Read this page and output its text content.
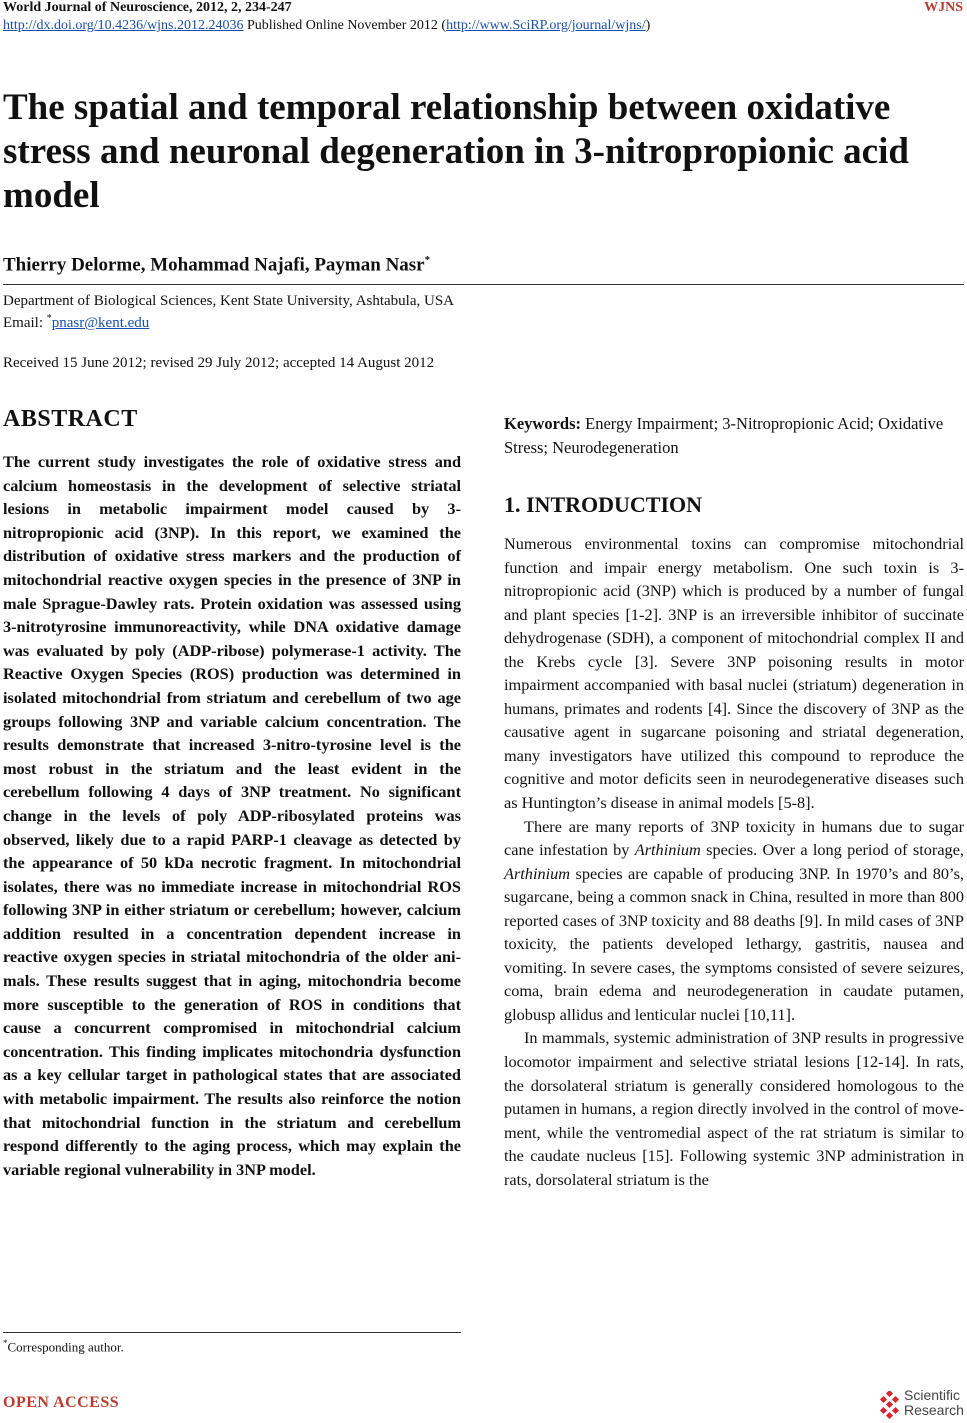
World Journal of Neuroscience, 2012, 2, 234-247	WJNS
http://dx.doi.org/10.4236/wjns.2012.24036 Published Online November 2012 (http://www.SciRP.org/journal/wjns/)
The spatial and temporal relationship between oxidative stress and neuronal degeneration in 3-nitropropionic acid model
Thierry Delorme, Mohammad Najafi, Payman Nasr*
Department of Biological Sciences, Kent State University, Ashtabula, USA
Email: *pnasr@kent.edu
Received 15 June 2012; revised 29 July 2012; accepted 14 August 2012
ABSTRACT
The current study investigates the role of oxidative stress and calcium homeostasis in the development of selective striatal lesions in metabolic impairment model caused by 3-nitropropionic acid (3NP). In this report, we examined the distribution of oxidative stress markers and the production of mitochondrial reactive oxygen species in the presence of 3NP in male Sprague-Dawley rats. Protein oxidation was assessed using 3-nitrotyrosine immunoreactivity, while DNA oxidative damage was evaluated by poly (ADP-ribose) polymerase-1 activity. The Reactive Oxygen Species (ROS) production was determined in isolated mitochondrial from striatum and cerebellum of two age groups following 3NP and variable calcium concentration. The results demonstrate that increased 3-nitro-tyrosine level is the most robust in the striatum and the least evident in the cerebellum following 4 days of 3NP treatment. No significant change in the levels of poly ADP-ribosylated proteins was observed, likely due to a rapid PARP-1 cleavage as detected by the appearance of 50 kDa necrotic fragment. In mitochondrial isolates, there was no immediate increase in mitochondrial ROS following 3NP in either striatum or cerebellum; however, calcium addition resulted in a concentration dependent increase in reactive oxygen species in striatal mitochondria of the older animals. These results suggest that in aging, mitochondria become more susceptible to the generation of ROS in conditions that cause a concurrent compromised in mitochondrial calcium concentration. This finding implicates mitochondria dysfunction as a key cellular target in pathological states that are associated with metabolic impairment. The results also reinforce the notion that mitochondrial function in the striatum and cerebellum respond differently to the aging process, which may explain the variable regional vulnerability in 3NP model.
*Corresponding author.
Keywords: Energy Impairment; 3-Nitropropionic Acid; Oxidative Stress; Neurodegeneration
1. INTRODUCTION

Numerous environmental toxins can compromise mitochondrial function and impair energy metabolism. One such toxin is 3-nitropropionic acid (3NP) which is produced by a number of fungal and plant species [1-2]. 3NP is an irreversible inhibitor of succinate dehydrogenase (SDH), a component of mitochondrial complex II and the Krebs cycle [3]. Severe 3NP poisoning results in motor impairment accompanied with basal nuclei (striatum) degeneration in humans, primates and rodents [4]. Since the discovery of 3NP as the causative agent in sugarcane poisoning and striatal degeneration, many investigators have utilized this compound to reproduce the cognitive and motor deficits seen in neurodegenerative diseases such as Huntington’s disease in animal models [5-8].

There are many reports of 3NP toxicity in humans due to sugar cane infestation by Arthinium species. Over a long period of storage, Arthinium species are capable of producing 3NP. In 1970’s and 80’s, sugarcane, being a common snack in China, resulted in more than 800 reported cases of 3NP toxicity and 88 deaths [9]. In mild cases of 3NP toxicity, the patients developed lethargy, gastritis, nausea and vomiting. In severe cases, the symptoms consisted of severe seizures, coma, brain edema and neurodegeneration in caudate putamen, globusp allidus and lenticular nuclei [10,11].

In mammals, systemic administration of 3NP results in progressive locomotor impairment and selective striatal lesions [12-14]. In rats, the dorsolateral striatum is generally considered homologous to the putamen in humans, a region directly involved in the control of movement, while the ventromedial aspect of the rat striatum is similar to the caudate nucleus [15]. Following systemic 3NP administration in rats, dorsolateral striatum is the

OPEN ACCESS	Scientific
Research
